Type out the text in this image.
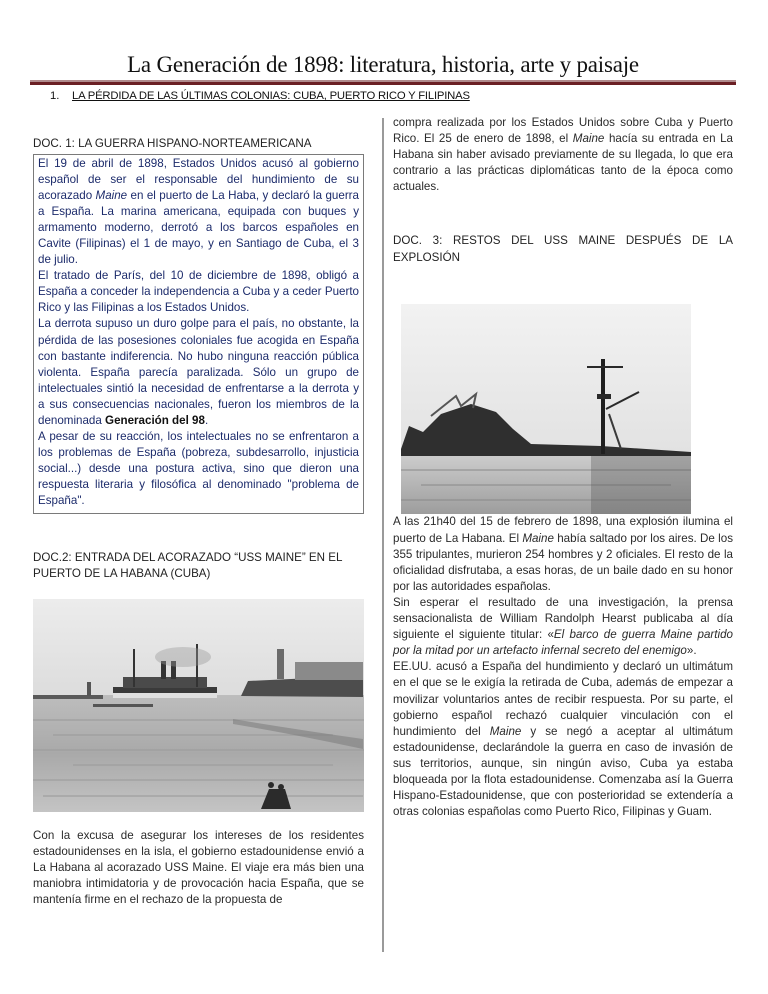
La Generación de 1898: literatura, historia, arte y paisaje
1. LA PÉRDIDA DE LAS ÚLTIMAS COLONIAS: CUBA, PUERTO RICO Y FILIPINAS
DOC. 1: LA GUERRA HISPANO-NORTEAMERICANA

El 19 de abril de 1898, Estados Unidos acusó al gobierno español de ser el responsable del hundimiento de su acorazado Maine en el puerto de La Haba, y declaró la guerra a España. La marina americana, equipada con buques y armamento moderno, derrotó a los barcos españoles en Cavite (Filipinas) el 1 de mayo, y en Santiago de Cuba, el 3 de julio.

El tratado de París, del 10 de diciembre de 1898, obligó a España a conceder la independencia a Cuba y a ceder Puerto Rico y las Filipinas a los Estados Unidos.

La derrota supuso un duro golpe para el país, no obstante, la pérdida de las posesiones coloniales fue acogida en España con bastante indiferencia. No hubo ninguna reacción pública violenta. España parecía paralizada. Sólo un grupo de intelectuales sintió la necesidad de enfrentarse a la derrota y a sus consecuencias nacionales, fueron los miembros de la denominada Generación del 98.

A pesar de su reacción, los intelectuales no se enfrentaron a los problemas de España (pobreza, subdesarrollo, injusticia social...) desde una postura activa, sino que dieron una respuesta literaria y filosófica al denominado "problema de España".

DOC.2: ENTRADA DEL ACORAZADO “USS MAINE” EN EL PUERTO DE LA HABANA (CUBA)

Con la excusa de asegurar los intereses de los residentes estadounidenses en la isla, el gobierno estadounidense envió a La Habana al acorazado USS Maine. El viaje era más bien una maniobra intimidatoria y de provocación hacia España, que se mantenía firme en el rechazo de la propuesta de

compra realizada por los Estados Unidos sobre Cuba y Puerto Rico. El 25 de enero de 1898, el Maine hacía su entrada en La Habana sin haber avisado previamente de su llegada, lo que era contrario a las prácticas diplomáticas tanto de la época como actuales.

DOC. 3: RESTOS DEL USS MAINE DESPUÉS DE LA EXPLOSIÓN

A las 21h40 del 15 de febrero de 1898, una explosión ilumina el puerto de La Habana. El Maine había saltado por los aires. De los 355 tripulantes, murieron 254 hombres y 2 oficiales. El resto de la oficialidad disfrutaba, a esas horas, de un baile dado en su honor por las autoridades españolas.

Sin esperar el resultado de una investigación, la prensa sensacionalista de William Randolph Hearst publicaba al día siguiente el siguiente titular: «El barco de guerra Maine partido por la mitad por un artefacto infernal secreto del enemigo».

EE.UU. acusó a España del hundimiento y declaró un ultimátum en el que se le exigía la retirada de Cuba, además de empezar a movilizar voluntarios antes de recibir respuesta. Por su parte, el gobierno español rechazó cualquier vinculación con el hundimiento del Maine y se negó a aceptar al ultimátum estadounidense, declarándole la guerra en caso de invasión de sus territorios, aunque, sin ningún aviso, Cuba ya estaba bloqueada por la flota estadounidense. Comenzaba así la Guerra Hispano-Estadounidense, que con posterioridad se extendería a otras colonias españolas como Puerto Rico, Filipinas y Guam.
